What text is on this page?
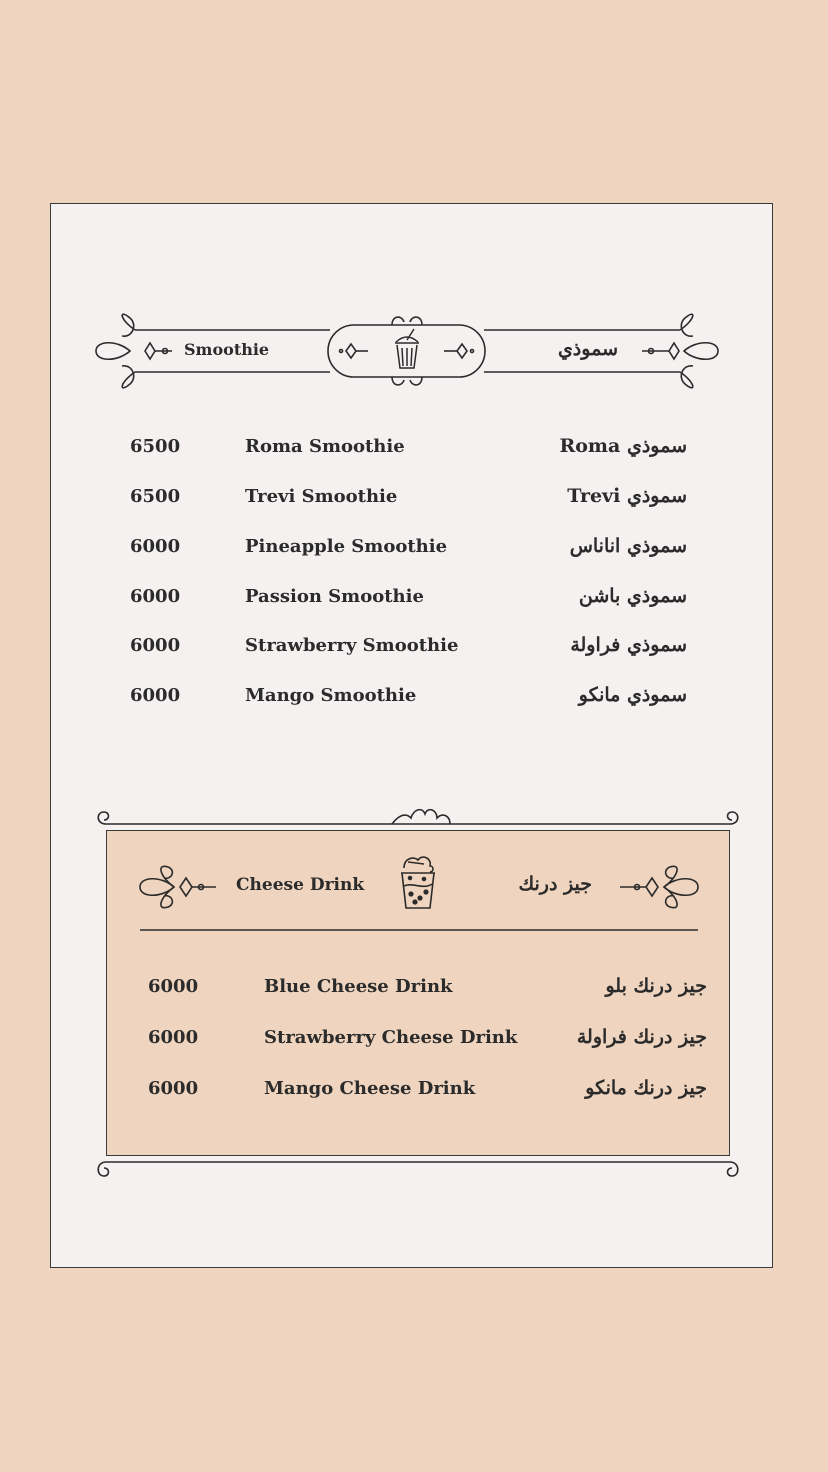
Smoothie	سموذي
6500	Roma Smoothie	سموذي Roma
6500	Trevi Smoothie	سموذي Trevi
6000	Pineapple Smoothie	سموذي اناناس
6000	Passion Smoothie	سموذي باشن
6000	Strawberry Smoothie	سموذي فراولة
6000	Mango Smoothie	سموذي مانكو
Cheese Drink	جيز درنك
6000	Blue Cheese Drink	جيز درنك بلو
6000	Strawberry Cheese Drink	جيز درنك فراولة
6000	Mango Cheese Drink	جيز درنك مانكو
